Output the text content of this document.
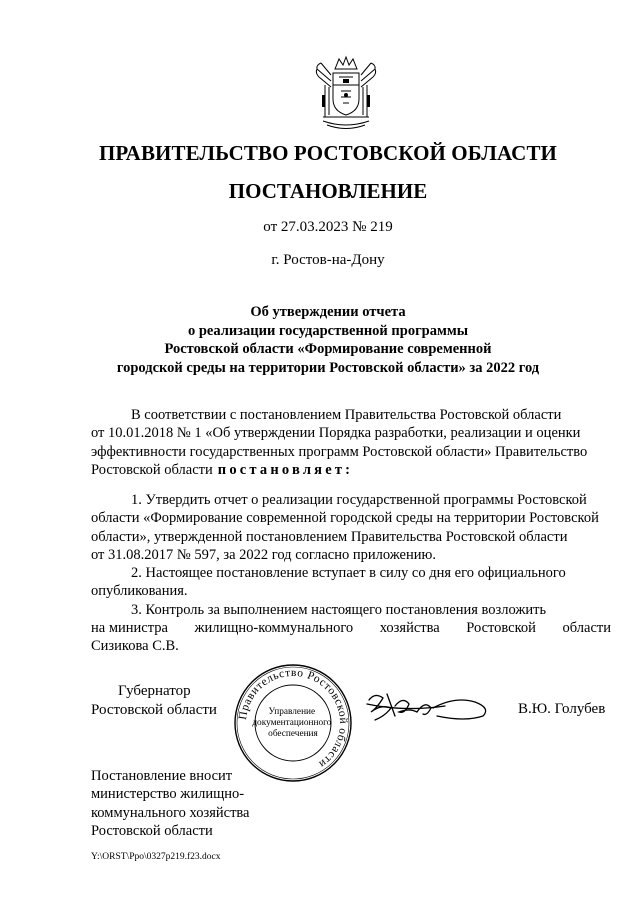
ПРАВИТЕЛЬСТВО РОСТОВСКОЙ ОБЛАСТИ
ПОСТАНОВЛЕНИЕ
от 27.03.2023 № 219
г. Ростов-на-Дону
Об утверждении отчета
о реализации государственной программы
Ростовской области «Формирование современной
городской среды на территории Ростовской области» за 2022 год
В соответствии с постановлением Правительства Ростовской области
от 10.01.2018 № 1 «Об утверждении Порядка разработки, реализации и оценки
эффективности государственных программ Ростовской области» Правительство
Ростовской области постановляет:
1. Утвердить отчет о реализации государственной программы Ростовской
области «Формирование современной городской среды на территории Ростовской
области», утвержденной постановлением Правительства Ростовской области
от 31.08.2017 № 597, за 2022 год согласно приложению.
2. Настоящее постановление вступает в силу со дня его официального
опубликования.
3. Контроль за выполнением настоящего постановления возложить
на министра жилищно-коммунального хозяйства Ростовской области
Сизикова С.В.
Губернатор
Ростовской области Правительство Ростовской области
Управление документационного обеспечения
В.Ю. Голубев
Постановление вносит
министерство жилищно-
коммунального хозяйства
Ростовской области
Y:\ORST\Ppo\0327p219.f23.docx
